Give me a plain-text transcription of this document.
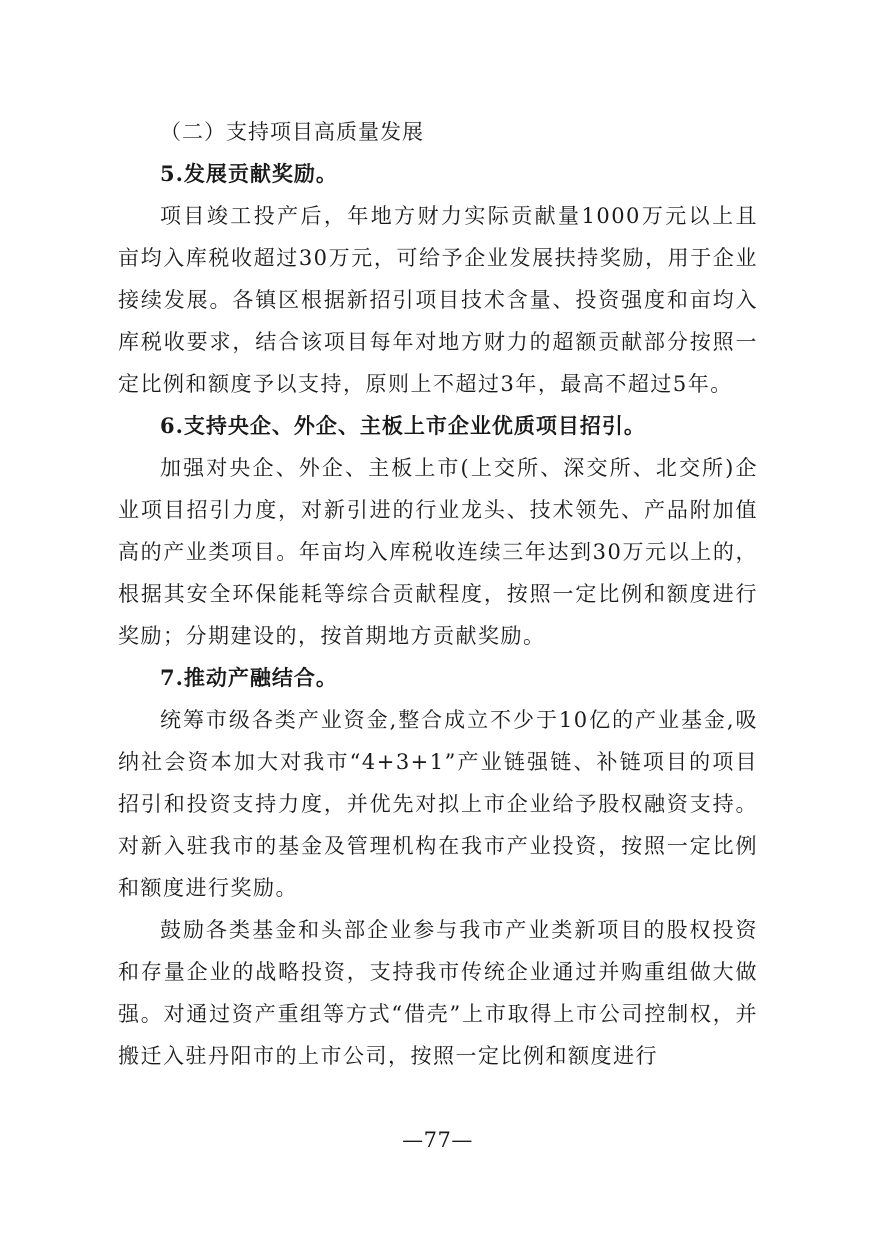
（二）支持项目高质量发展

5.发展贡献奖励。

项目竣工投产后，年地方财力实际贡献量1000万元以上且亩均入库税收超过30万元，可给予企业发展扶持奖励，用于企业接续发展。各镇区根据新招引项目技术含量、投资强度和亩均入库税收要求，结合该项目每年对地方财力的超额贡献部分按照一定比例和额度予以支持，原则上不超过3年，最高不超过5年。

6.支持央企、外企、主板上市企业优质项目招引。

加强对央企、外企、主板上市(上交所、深交所、北交所)企业项目招引力度，对新引进的行业龙头、技术领先、产品附加值高的产业类项目。年亩均入库税收连续三年达到30万元以上的，根据其安全环保能耗等综合贡献程度，按照一定比例和额度进行奖励；分期建设的，按首期地方贡献奖励。

7.推动产融结合。

统筹市级各类产业资金,整合成立不少于10亿的产业基金,吸纳社会资本加大对我市“4+3+1”产业链强链、补链项目的项目招引和投资支持力度，并优先对拟上市企业给予股权融资支持。对新入驻我市的基金及管理机构在我市产业投资，按照一定比例和额度进行奖励。

鼓励各类基金和头部企业参与我市产业类新项目的股权投资和存量企业的战略投资，支持我市传统企业通过并购重组做大做强。对通过资产重组等方式“借壳”上市取得上市公司控制权，并搬迁入驻丹阳市的上市公司，按照一定比例和额度进行

—77—
